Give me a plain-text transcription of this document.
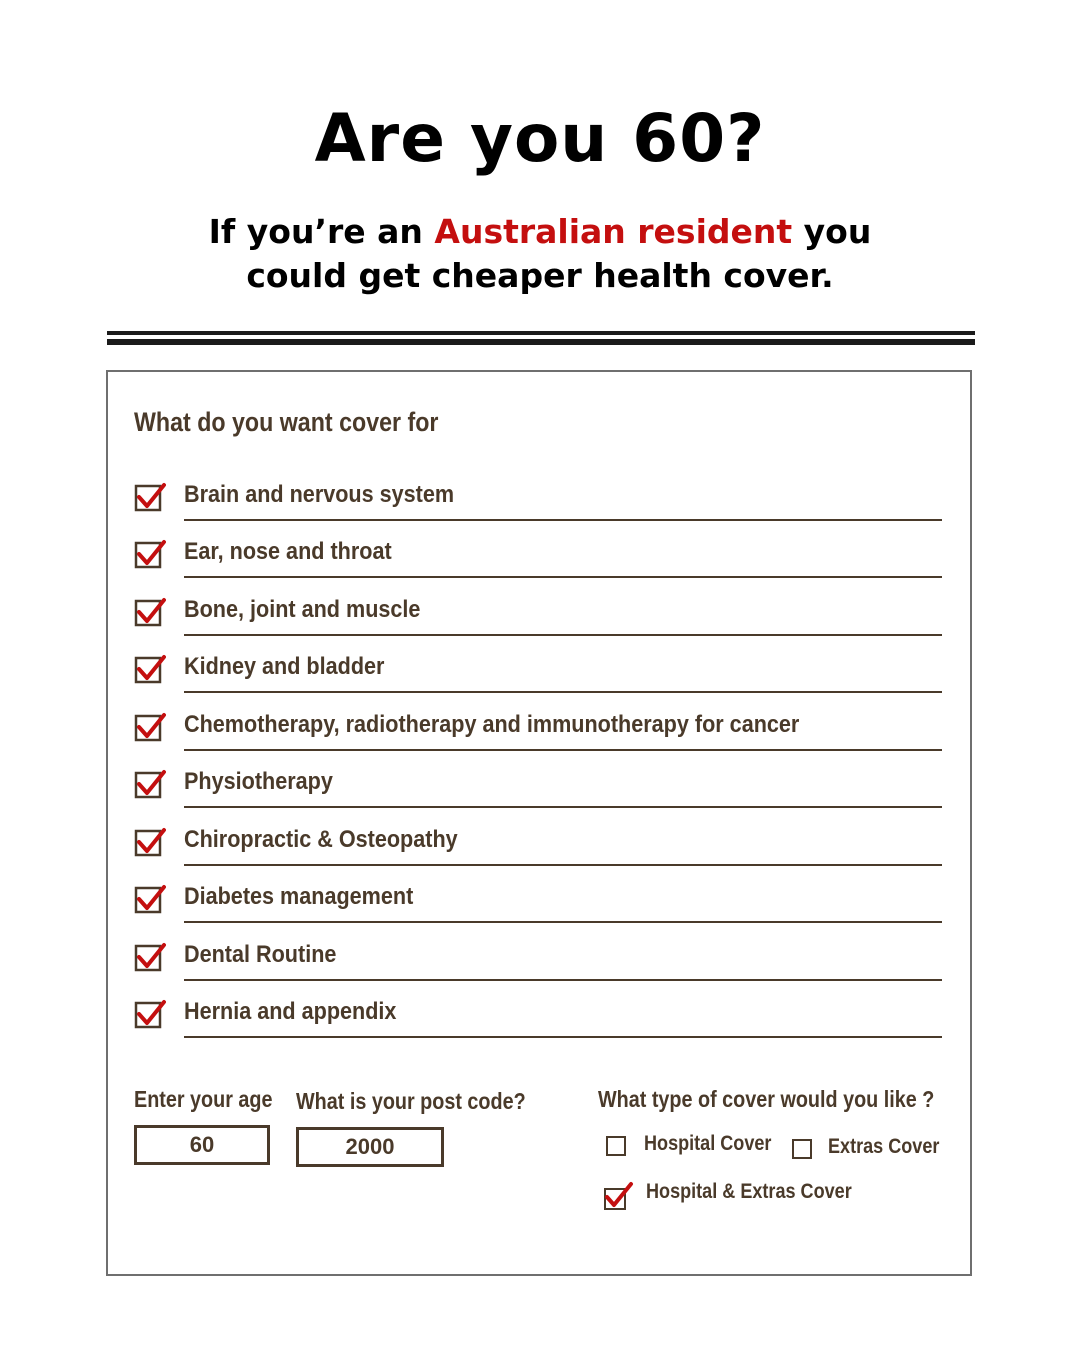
Are you 60?
If you’re an Australian resident you
could get cheaper health cover.
What do you want cover for
Brain and nervous system
Ear, nose and throat
Bone, joint and muscle
Kidney and bladder
Chemotherapy, radiotherapy and immunotherapy for cancer
Physiotherapy
Chiropractic & Osteopathy
Diabetes management
Dental Routine
Hernia and appendix
Enter your age
60
What is your post code?
2000
What type of cover would you like ?
Hospital Cover	Extras Cover
Hospital & Extras Cover
